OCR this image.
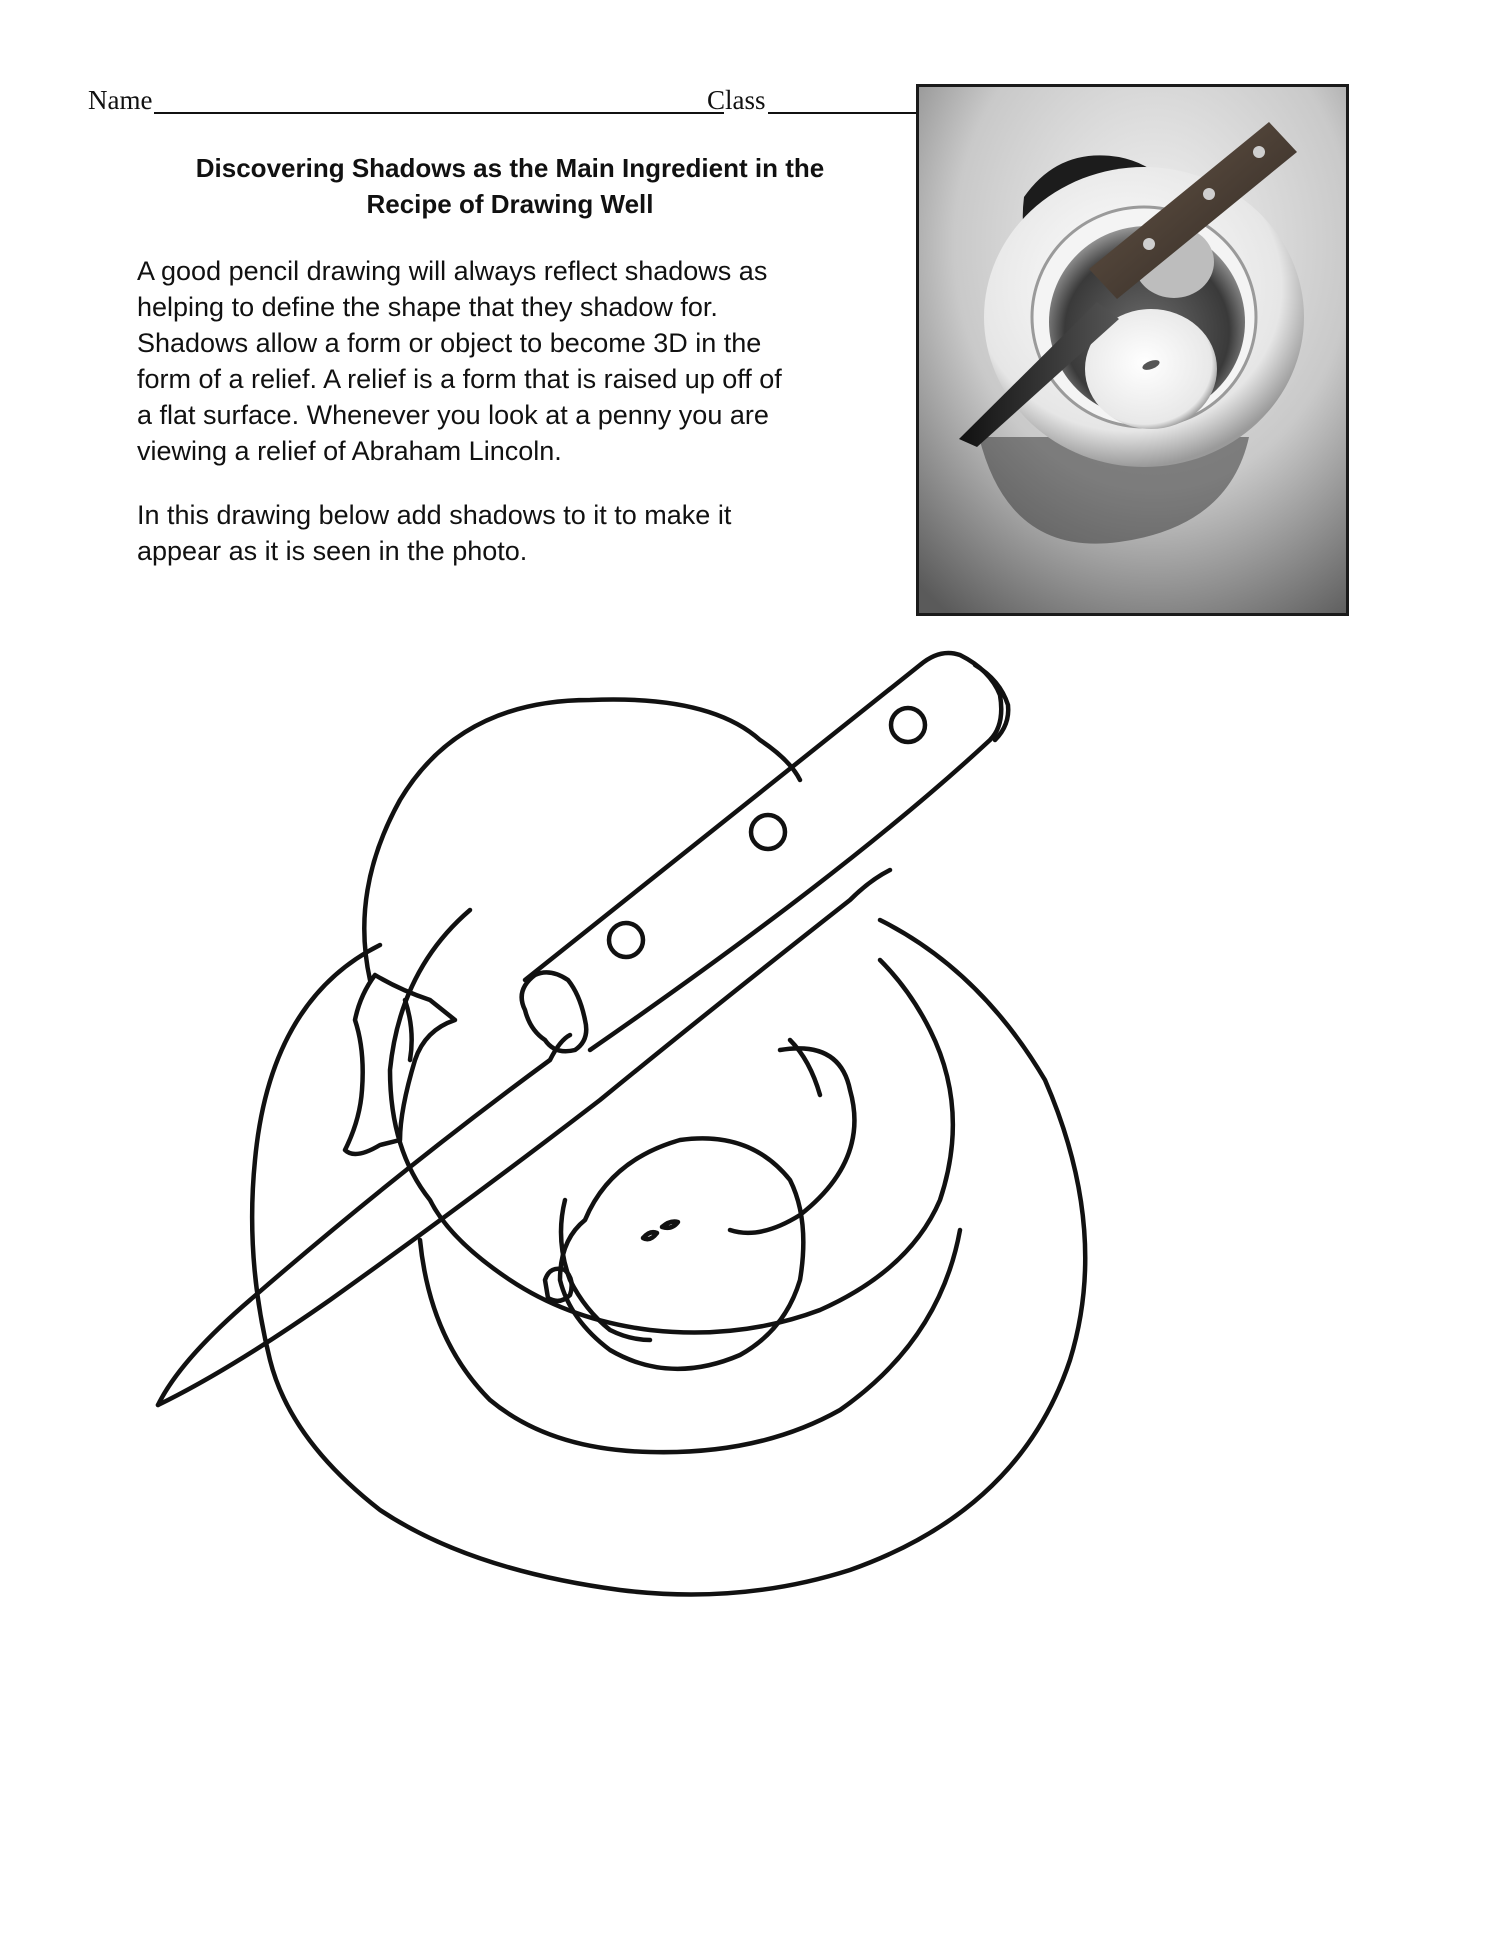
Name	Class
Discovering Shadows as the Main Ingredient in the
Recipe of Drawing Well
A good pencil drawing will always reflect shadows as
helping to define the shape that they shadow for.
Shadows allow a form or object to become 3D in the
form of a relief. A relief is a form that is raised up off of
a flat surface. Whenever you look at a penny you are
viewing a relief of Abraham Lincoln.
In this drawing below add shadows to it to make it
appear as it is seen in the photo.
